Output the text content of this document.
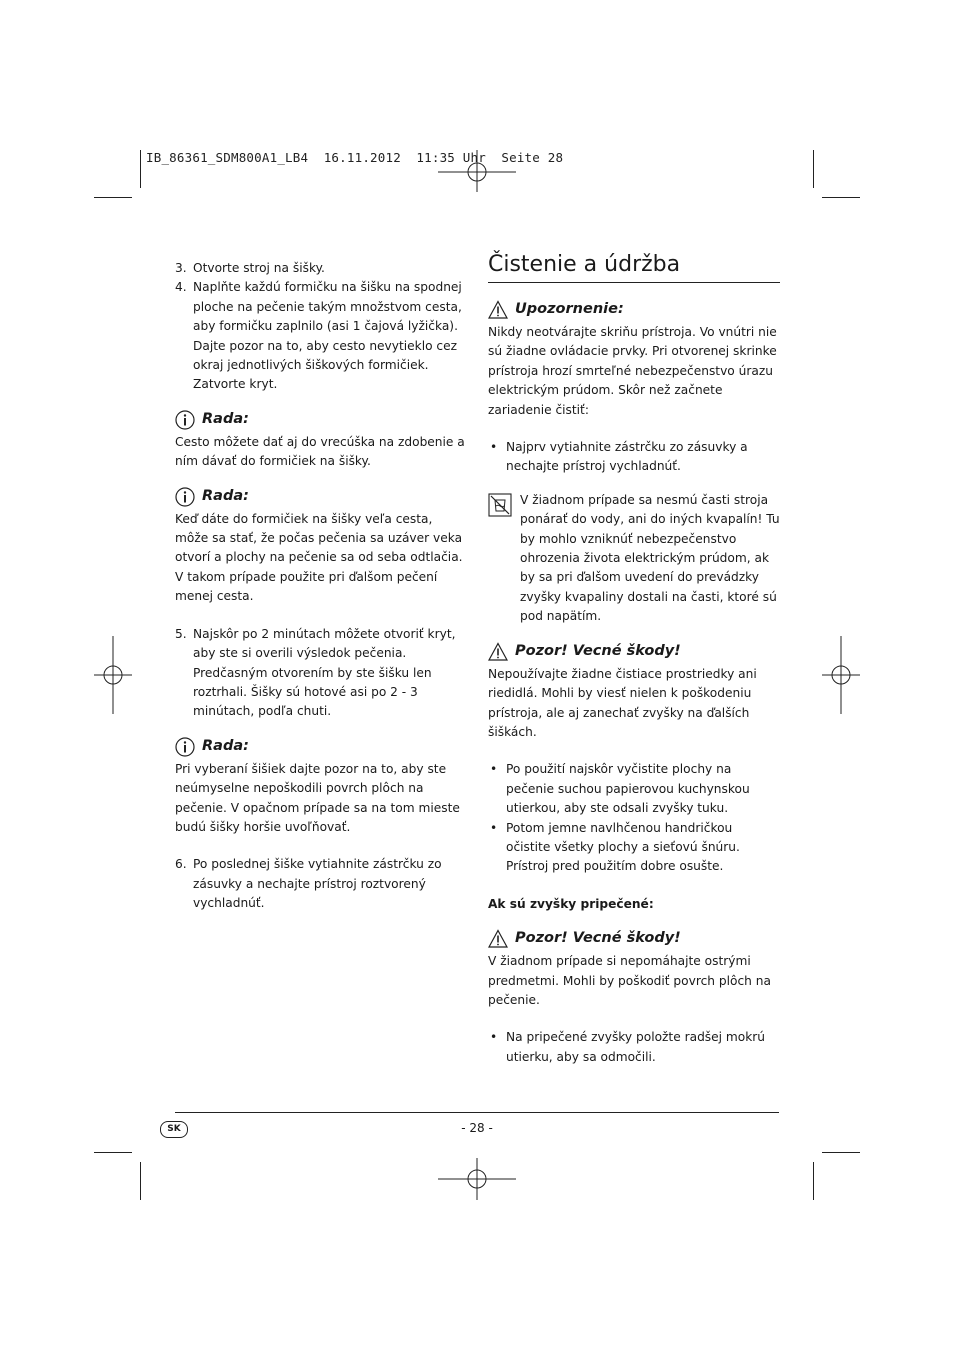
IB_86361_SDM800A1_LB4  16.11.2012  11:35 Uhr  Seite 28
3. Otvorte stroj na šišky.
4. Naplňte každú formičku na šišku na spodnej ploche na pečenie takým množstvom cesta, aby formičku zaplnilo (asi 1 čajová lyžička). Dajte pozor na to, aby cesto nevytieklo cez okraj jednotlivých šiškových formičiek. Zatvorte kryt.
Rada:

Cesto môžete dať aj do vrecúška na zdobenie a ním dávať do formičiek na šišky.

Rada:

Keď dáte do formičiek na šišky veľa cesta, môže sa stať, že počas pečenia sa uzáver veka otvorí a plochy na pečenie sa od seba odtlačia. V takom prípade použite pri ďalšom pečení menej cesta.

5. Najskôr po 2 minútach môžete otvoriť kryt, aby ste si overili výsledok pečenia. Predčasným otvorením by ste šišku len roztrhali. Šišky sú hotové asi po 2 - 3 minútach, podľa chuti.
Rada:

Pri vyberaní šišiek dajte pozor na to, aby ste neúmyselne nepoškodili povrch plôch na pečenie. V opačnom prípade sa na tom mieste budú šišky horšie uvoľňovať.

6. Po poslednej šiške vytiahnite zástrčku zo zásuvky a nechajte prístroj roztvorený vychladnúť.
Čistenie a údržba
Upozornenie:

Nikdy neotvárajte skriňu prístroja. Vo vnútri nie sú žiadne ovládacie prvky. Pri otvorenej skrinke prístroja hrozí smrteľné nebezpečenstvo úrazu elektrickým prúdom. Skôr než začnete zariadenie čistiť:

• Najprv vytiahnite zástrčku zo zásuvky a nechajte prístroj vychladnúť.

V žiadnom prípade sa nesmú časti stroja ponárať do vody, ani do iných kvapalín! Tu by mohlo vzniknúť nebezpečenstvo ohrozenia života elektrickým prúdom, ak by sa pri ďalšom uvedení do prevádzky zvyšky kvapaliny dostali na časti, ktoré sú pod napätím.

Pozor! Vecné škody!

Nepoužívajte žiadne čistiace prostriedky ani riedidlá. Mohli by viesť nielen k poškodeniu prístroja, ale aj zanechať zvyšky na ďalších šiškách.

• Po použití najskôr vyčistite plochy na pečenie suchou papierovou kuchynskou utierkou, aby ste odsali zvyšky tuku.
• Potom jemne navlhčenou handričkou očistite všetky plochy a sieťovú šnúru. Prístroj pred použitím dobre osušte.

Ak sú zvyšky pripečené:

Pozor! Vecné škody!

V žiadnom prípade si nepomáhajte ostrými predmetmi. Mohli by poškodiť povrch plôch na pečenie.

• Na pripečené zvyšky položte radšej mokrú utierku, aby sa odmočili.
SK	- 28 -
